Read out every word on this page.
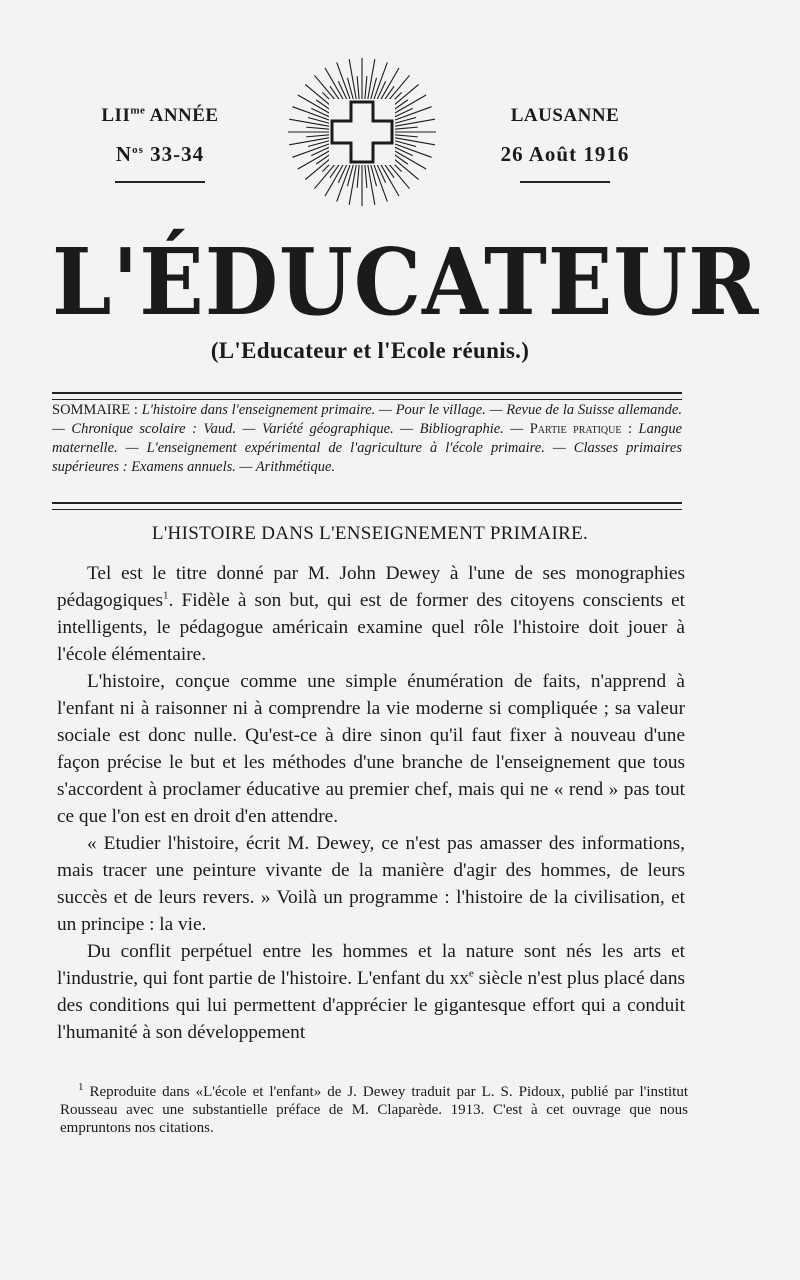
$LII^{me}$ ANNÉE
$N^{os}$ 33-34
LAUSANNE
26 Août 1916
L'ÉDUCATEUR
(L'Educateur et l'Ecole réunis.)
SOMMAIRE : L'histoire dans l'enseignement primaire. — Pour le village. — Revue de la Suisse allemande. — Chronique scolaire : Vaud. — Variété géographique. — Bibliographie. — Partie pratique : Langue maternelle. — L'enseignement expérimental de l'agriculture à l'école primaire. — Classes primaires supérieures : Examens annuels. — Arithmétique.
L'HISTOIRE DANS L'ENSEIGNEMENT PRIMAIRE.

Tel est le titre donné par M. John Dewey à l'une de ses monographies pédagogiques$^1$. Fidèle à son but, qui est de former des citoyens conscients et intelligents, le pédagogue américain examine quel rôle l'histoire doit jouer à l'école élémentaire.

L'histoire, conçue comme une simple énumération de faits, n'apprend à l'enfant ni à raisonner ni à comprendre la vie moderne si compliquée ; sa valeur sociale est donc nulle. Qu'est-ce à dire sinon qu'il faut fixer à nouveau d'une façon précise le but et les méthodes d'une branche de l'enseignement que tous s'accordent à proclamer éducative au premier chef, mais qui ne « rend » pas tout ce que l'on est en droit d'en attendre.

« Etudier l'histoire, écrit M. Dewey, ce n'est pas amasser des informations, mais tracer une peinture vivante de la manière d'agir des hommes, de leurs succès et de leurs revers. » Voilà un programme : l'histoire de la civilisation, et un principe : la vie.

Du conflit perpétuel entre les hommes et la nature sont nés les arts et l'industrie, qui font partie de l'histoire. L'enfant du $xx^e$ siècle n'est plus placé dans des conditions qui lui permettent d'apprécier le gigantesque effort qui a conduit l'humanité à son développement

$^1$ Reproduite dans «L'école et l'enfant» de J. Dewey traduit par L. S. Pidoux, publié par l'institut Rousseau avec une substantielle préface de M. Claparède. 1913. C'est à cet ouvrage que nous empruntons nos citations.
